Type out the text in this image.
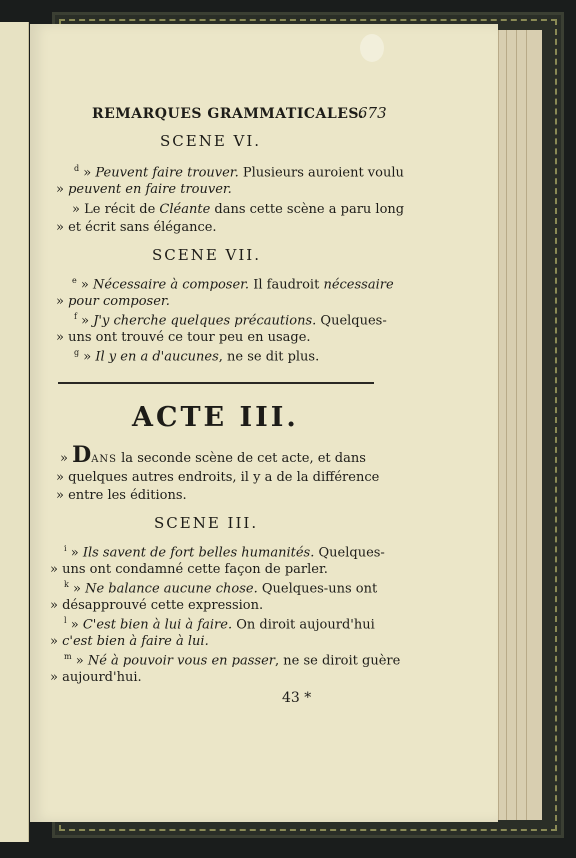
REMARQUES GRAMMATICALES.
673
SCENE VI.
$^d$ » Peuvent faire trouver. Plusieurs auroient voulu
» peuvent en faire trouver.
» Le récit de Cléante dans cette scène a paru long
» et écrit sans élégance.
SCENE VII.
$^e$ » Nécessaire à composer. Il faudroit nécessaire
» pour composer.
$^f$ » J'y cherche quelques précautions. Quelques-
» uns ont trouvé ce tour peu en usage.
$^g$ » Il y en a d'aucunes, ne se dit plus.
ACTE III.
» DANS la seconde scène de cet acte, et dans
» quelques autres endroits, il y a de la différence
» entre les éditions.
SCENE III.
$^i$ » Ils savent de fort belles humanités. Quelques-
» uns ont condamné cette façon de parler.
$^k$ » Ne balance aucune chose. Quelques-uns ont
» désapprouvé cette expression.
$^l$ » C'est bien à lui à faire. On diroit aujourd'hui
» c'est bien à faire à lui.
$^m$ » Né à pouvoir vous en passer, ne se diroit guère
» aujourd'hui.
43 *
